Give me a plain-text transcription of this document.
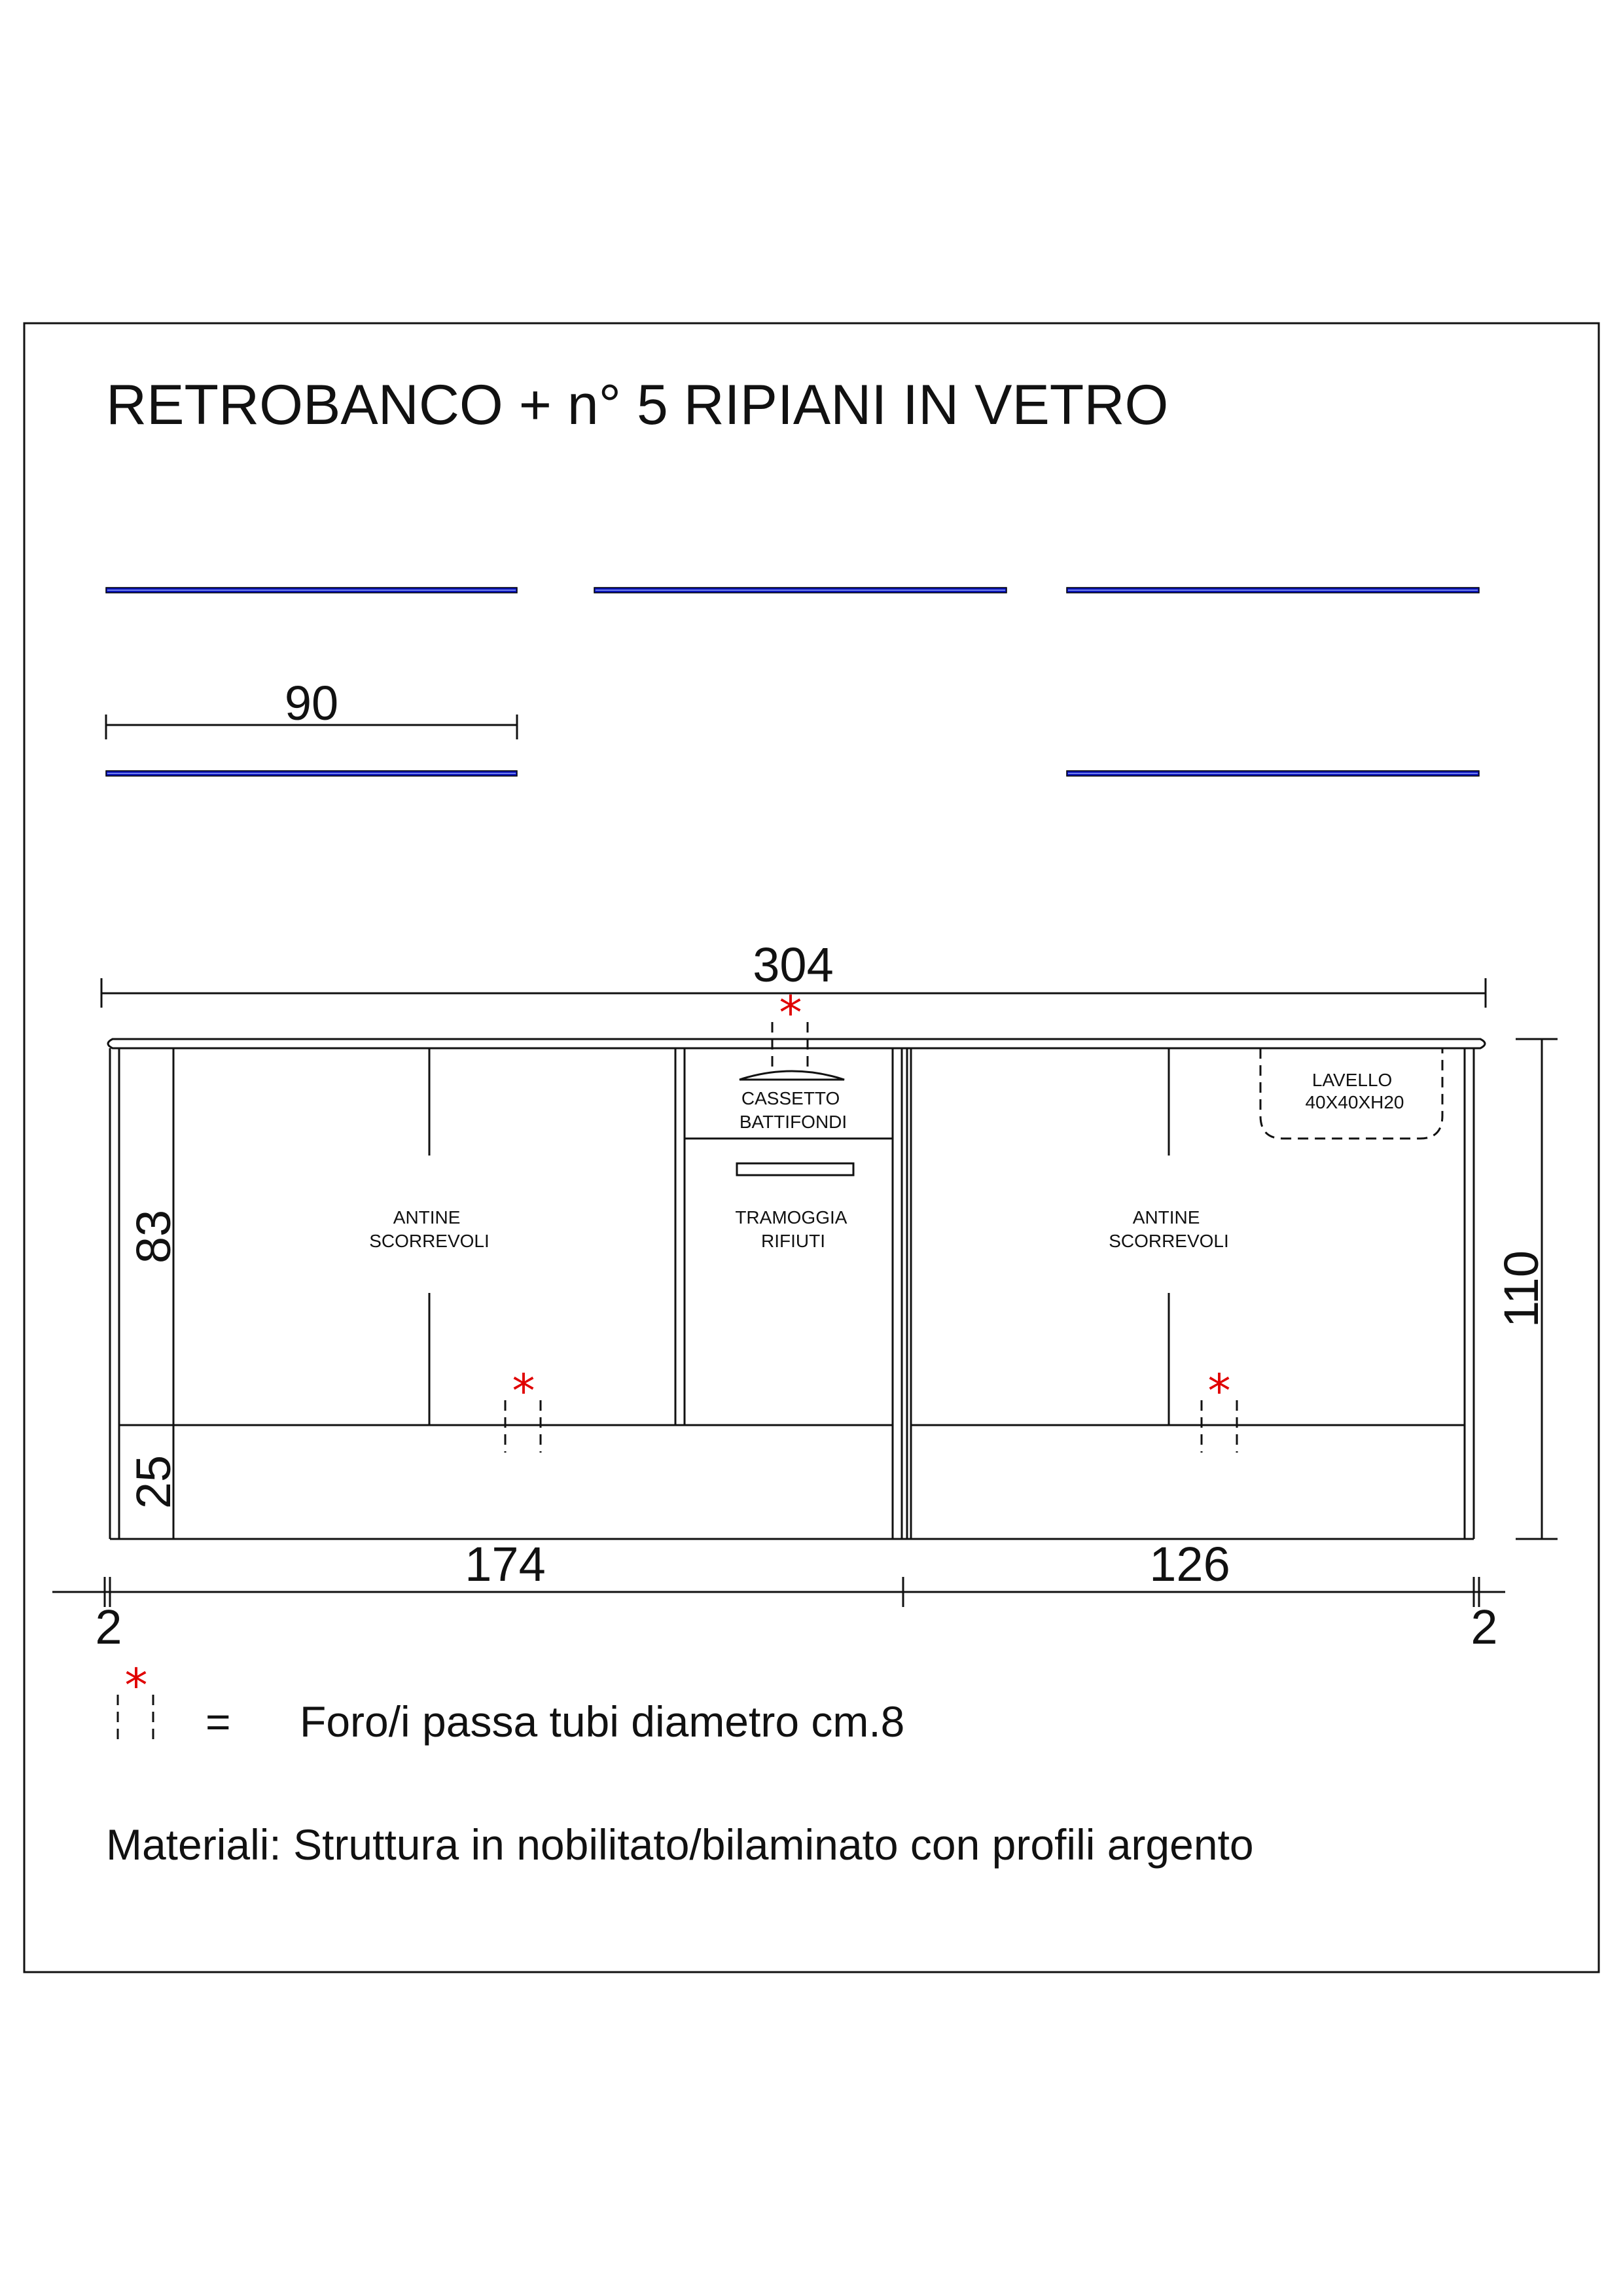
RETROBANCO + n° 5 RIPIANI IN VETRO
90
304
ANTINE SCORREVOLI
ANTINE SCORREVOLI
CASSETTO BATTIFONDI
TRAMOGGIA RIFIUTI
LAVELLO 40X40XH20
*
*	*
83
25
110
174	126
2	2
*
= Foro/i passa tubi diametro cm.8
Materiali: Struttura in nobilitato/bilaminato con profili argento
